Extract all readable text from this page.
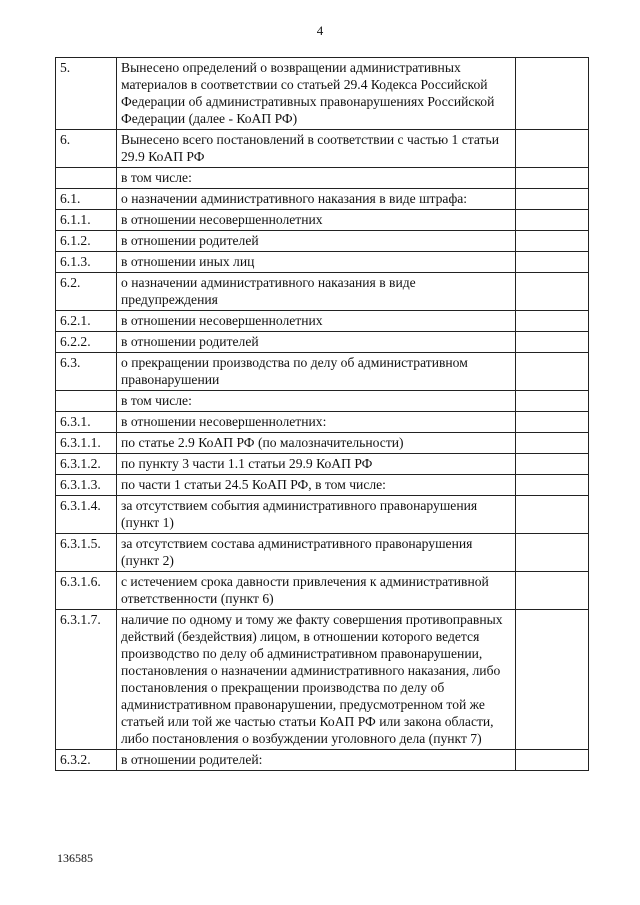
4
5.	Вынесено определений о возвращении административных материалов в соответствии со статьей 29.4 Кодекса Российской Федерации об административных правонарушениях Российской Федерации (далее - КоАП РФ)	
6.	Вынесено всего постановлений в соответствии с частью 1 статьи 29.9 КоАП РФ	
	в том числе:	
6.1.	о назначении административного наказания в виде штрафа:	
6.1.1.	в отношении несовершеннолетних	
6.1.2.	в отношении родителей	
6.1.3.	в отношении иных лиц	
6.2.	о назначении административного наказания в виде предупреждения	
6.2.1.	в отношении несовершеннолетних	
6.2.2.	в отношении родителей	
6.3.	о прекращении производства по делу об административном правонарушении	
	в том числе:	
6.3.1.	в отношении несовершеннолетних:	
6.3.1.1.	по статье 2.9 КоАП РФ (по малозначительности)	
6.3.1.2.	по пункту 3 части 1.1 статьи 29.9 КоАП РФ	
6.3.1.3.	по части 1 статьи 24.5 КоАП РФ, в том числе:	
6.3.1.4.	за отсутствием события административного правонарушения (пункт 1)	
6.3.1.5.	за отсутствием состава административного правонарушения (пункт 2)	
6.3.1.6.	с истечением срока давности привлечения к административной ответственности (пункт 6)	
6.3.1.7.	наличие по одному и тому же факту совершения противоправных действий (бездействия) лицом, в отношении которого ведется производство по делу об административном правонарушении, постановления о назначении административного наказания, либо постановления о прекращении производства по делу об административном правонарушении, предусмотренном той же статьей или той же частью статьи КоАП РФ или закона области, либо постановления о возбуждении уголовного дела (пункт 7)	
6.3.2.	в отношении родителей:	
136585
